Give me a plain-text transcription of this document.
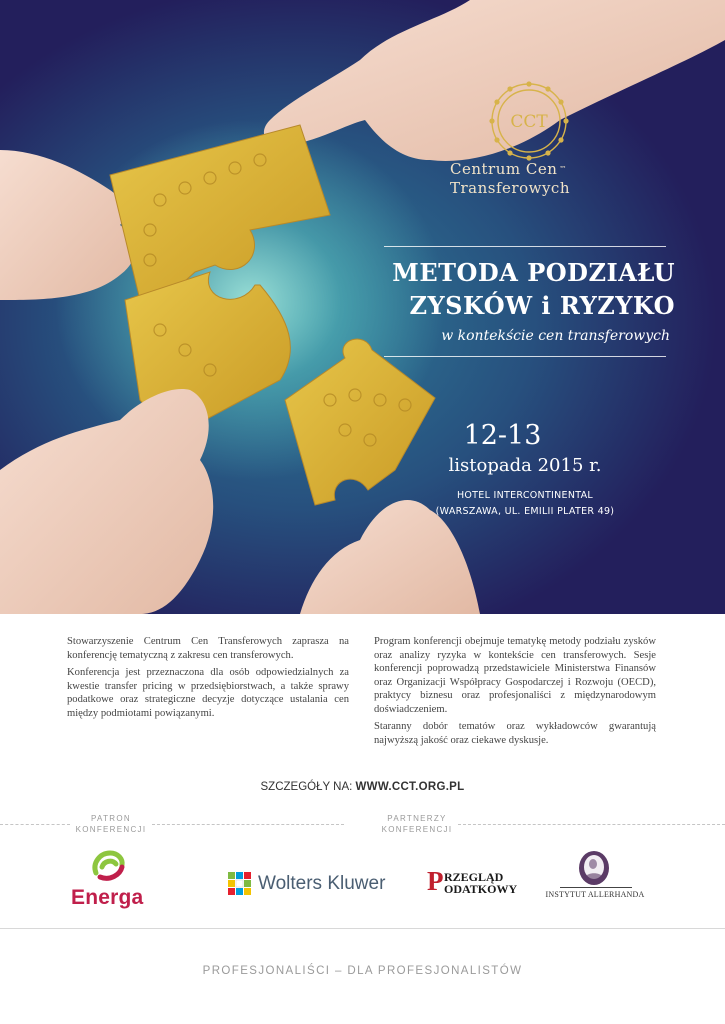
CCT
Centrum Cen ™
Transferowych
METODA PODZIAŁU
ZYSKÓW i RYZYKO
w kontekście cen transferowych
12-13
listopada 2015 r.
HOTEL INTERCONTINENTAL
(WARSZAWA, UL. EMILII PLATER 49)

Stowarzyszenie Centrum Cen Transferowych zaprasza na konferencję tematyczną z zakresu cen transferowych.

Konferencja jest przeznaczona dla osób odpowiedzialnych za kwestie transfer pricing w przedsiębiorstwach, a także sprawy podatkowe oraz strategiczne decyzje dotyczące ustalania cen między podmiotami powiązanymi.

Program konferencji obejmuje tematykę metody podziału zysków oraz analizy ryzyka w kontekście cen transferowych. Sesje konferencji poprowadzą przedstawiciele Ministerstwa Finansów oraz Organizacji Współpracy Gospodarczej i Rozwoju (OECD), praktycy biznesu oraz profesjonaliści z międzynarodowym doświadczeniem.

Staranny dobór tematów oraz wykładowców gwarantują najwyższą jakość oraz ciekawe dyskusje.

SZCZEGÓŁY NA: WWW.CCT.ORG.PL
PATRON
KONFERENCJI
PARTNERZY
KONFERENCJI
Energa
Wolters Kluwer P RZEGLĄD
ODATKOWY	INSTYTUT ALLERHANDA
PROFESJONALIŚCI – DLA PROFESJONALISTÓW
